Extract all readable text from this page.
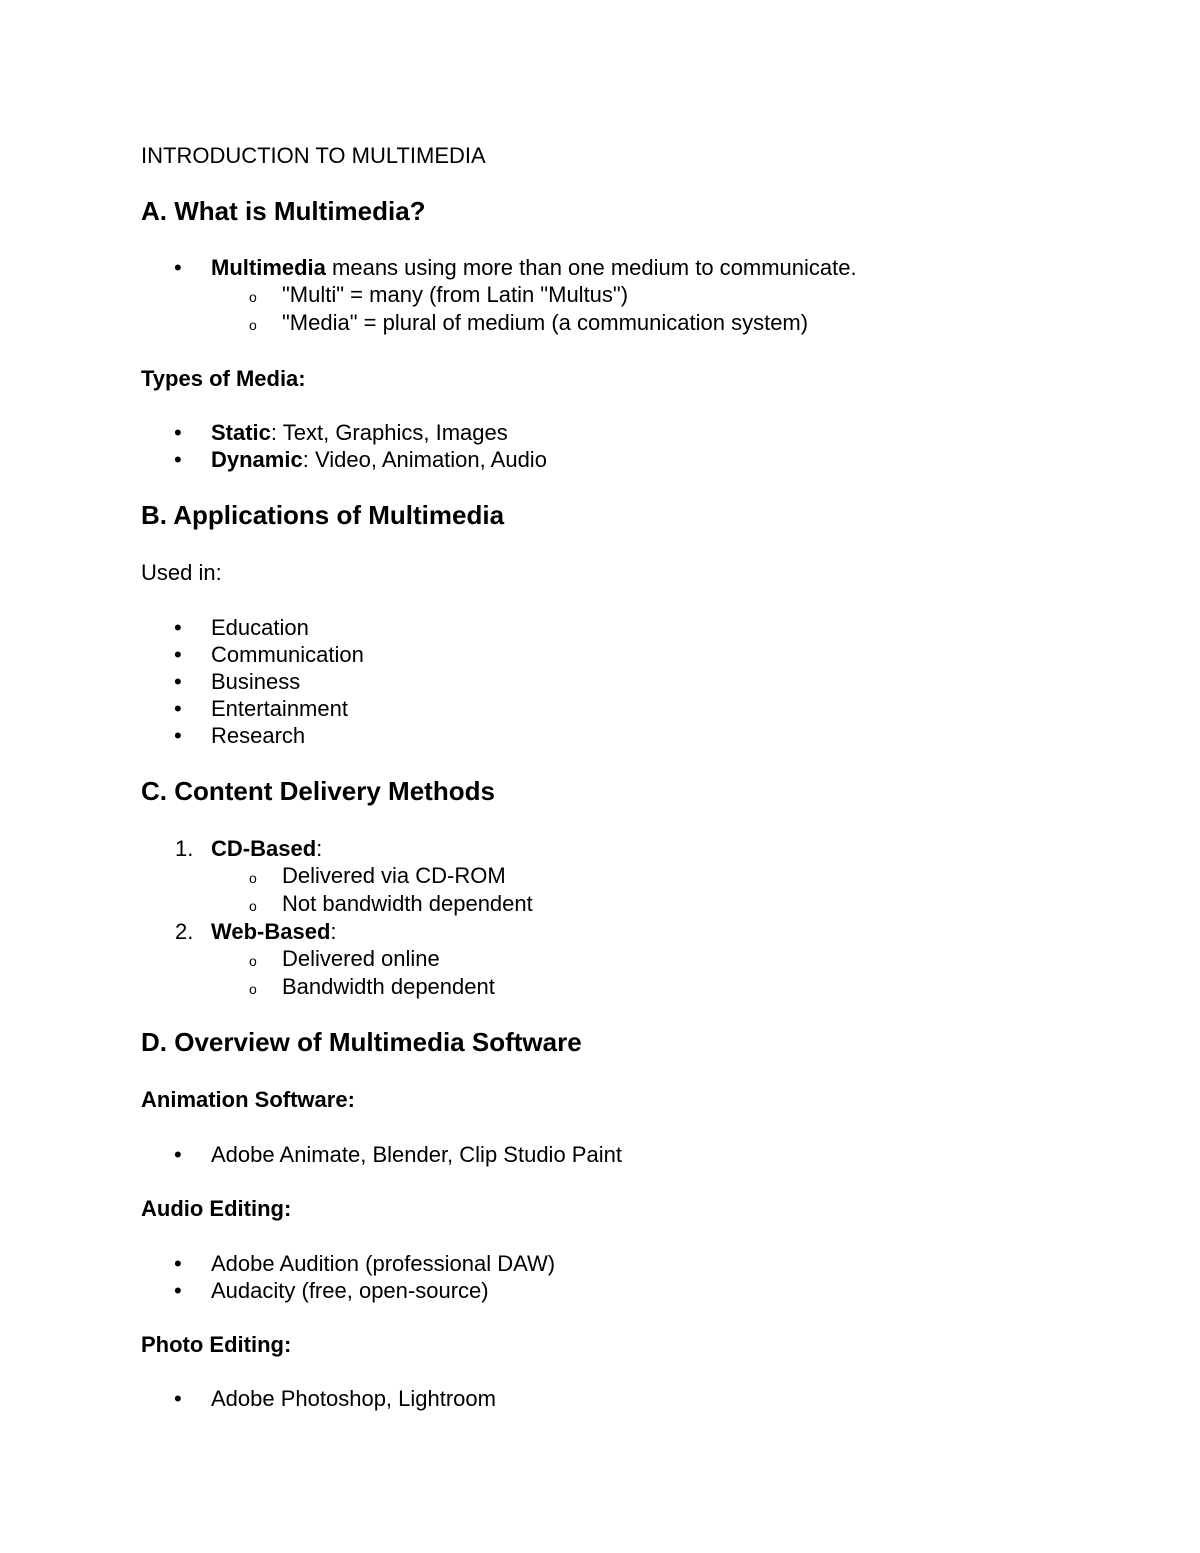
INTRODUCTION TO MULTIMEDIA
A. What is Multimedia?
• Multimedia means using more than one medium to communicate.
o "Multi" = many (from Latin "Multus")
o "Media" = plural of medium (a communication system)
Types of Media:
• Static: Text, Graphics, Images
• Dynamic: Video, Animation, Audio
B. Applications of Multimedia
Used in:
• Education
• Communication
• Business
• Entertainment
• Research
C. Content Delivery Methods
1. CD-Based:
o Delivered via CD-ROM
o Not bandwidth dependent
2. Web-Based:
o Delivered online
o Bandwidth dependent
D. Overview of Multimedia Software
Animation Software:
• Adobe Animate, Blender, Clip Studio Paint
Audio Editing:
• Adobe Audition (professional DAW)
• Audacity (free, open-source)
Photo Editing:
• Adobe Photoshop, Lightroom
